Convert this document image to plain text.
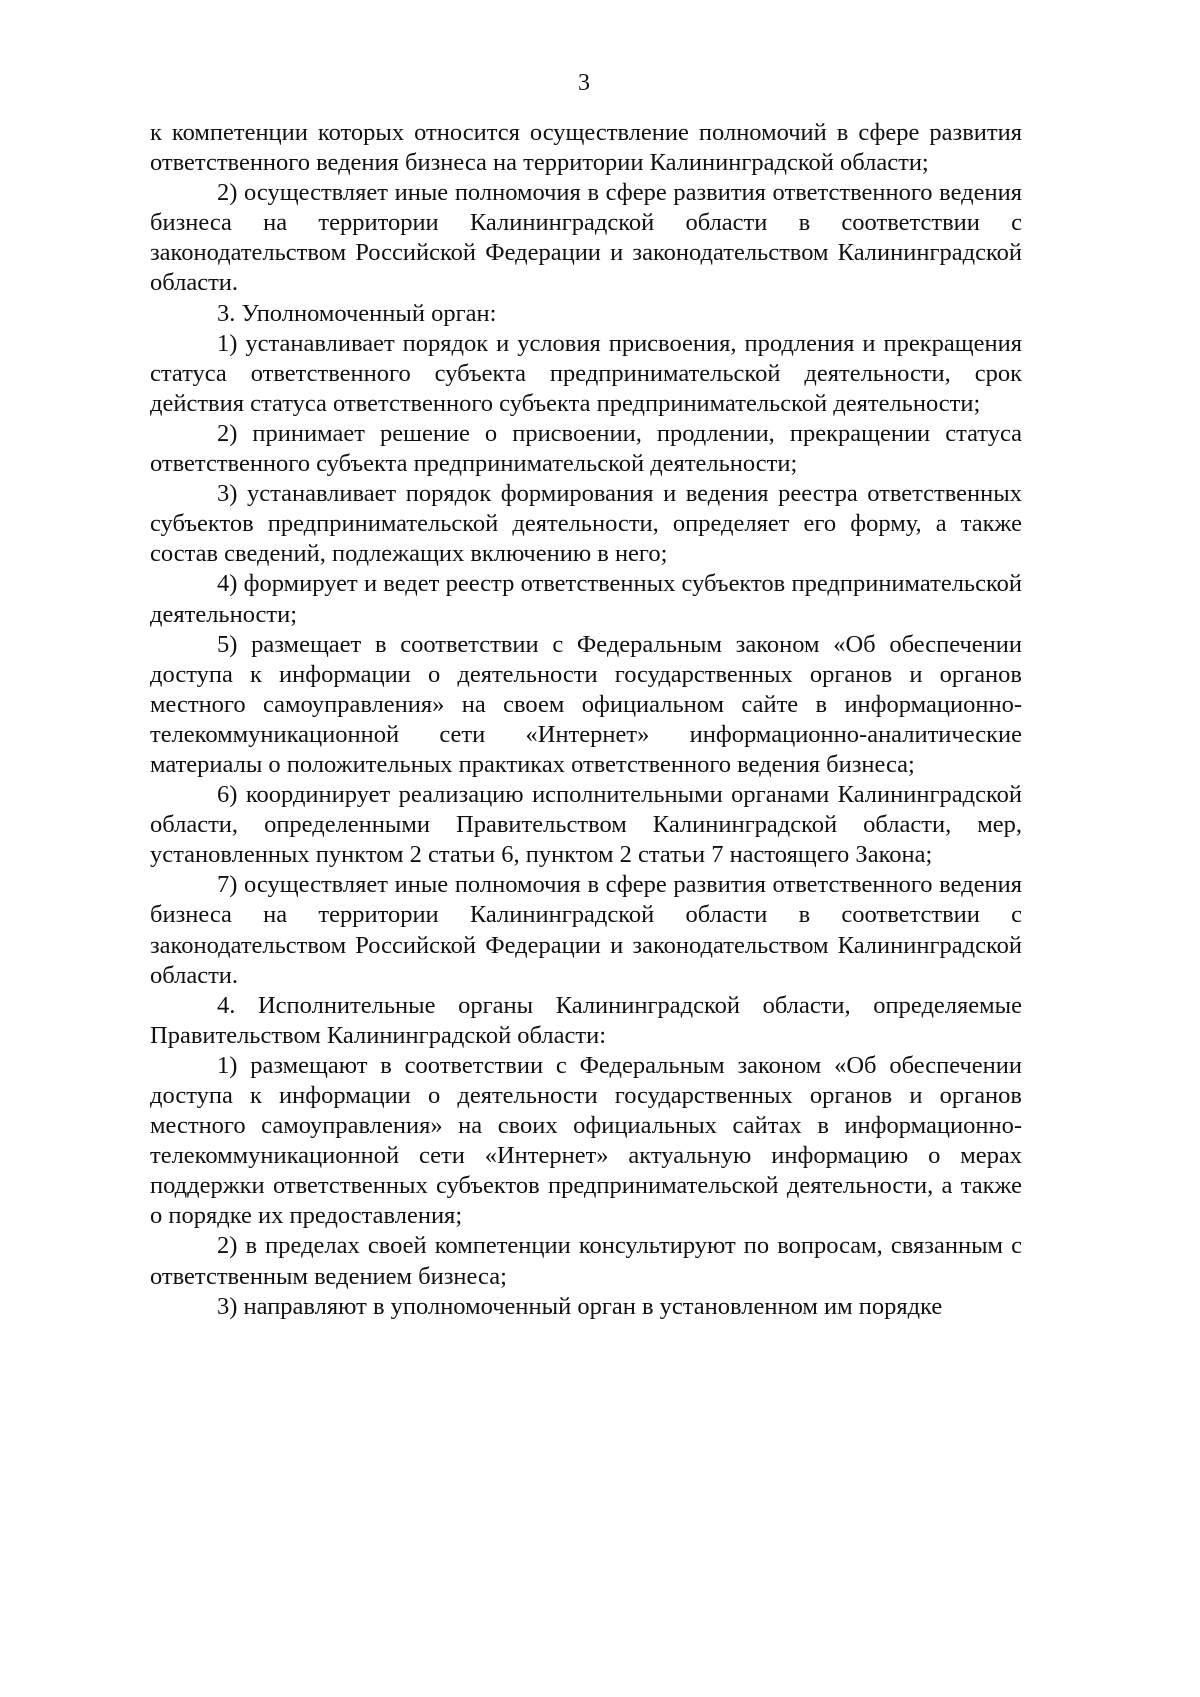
3

к компетенции которых относится осуществление полномочий в сфере развития ответственного ведения бизнеса на территории Калининградской области;

2) осуществляет иные полномочия в сфере развития ответственного ведения бизнеса на территории Калининградской области в соответствии с законодательством Российской Федерации и законодательством Калининградской области.

3. Уполномоченный орган:

1) устанавливает порядок и условия присвоения, продления и прекращения статуса ответственного субъекта предпринимательской деятельности, срок действия статуса ответственного субъекта предпринимательской деятельности;

2) принимает решение о присвоении, продлении, прекращении статуса ответственного субъекта предпринимательской деятельности;

3) устанавливает порядок формирования и ведения реестра ответственных субъектов предпринимательской деятельности, определяет его форму, а также состав сведений, подлежащих включению в него;

4) формирует и ведет реестр ответственных субъектов предпринимательской деятельности;

5) размещает в соответствии с Федеральным законом «Об обеспечении доступа к информации о деятельности государственных органов и органов местного самоуправления» на своем официальном сайте в информационно-телекоммуникационной сети «Интернет» информационно-аналитические материалы о положительных практиках ответственного ведения бизнеса;

6) координирует реализацию исполнительными органами Калининградской области, определенными Правительством Калининградской области, мер, установленных пунктом 2 статьи 6, пунктом 2 статьи 7 настоящего Закона;

7) осуществляет иные полномочия в сфере развития ответственного ведения бизнеса на территории Калининградской области в соответствии с законодательством Российской Федерации и законодательством Калининградской области.

4. Исполнительные органы Калининградской области, определяемые Правительством Калининградской области:

1) размещают в соответствии с Федеральным законом «Об обеспечении доступа к информации о деятельности государственных органов и органов местного самоуправления» на своих официальных сайтах в информационно-телекоммуникационной сети «Интернет» актуальную информацию о мерах поддержки ответственных субъектов предпринимательской деятельности, а также о порядке их предоставления;

2) в пределах своей компетенции консультируют по вопросам, связанным с ответственным ведением бизнеса;

3) направляют в уполномоченный орган в установленном им порядке
